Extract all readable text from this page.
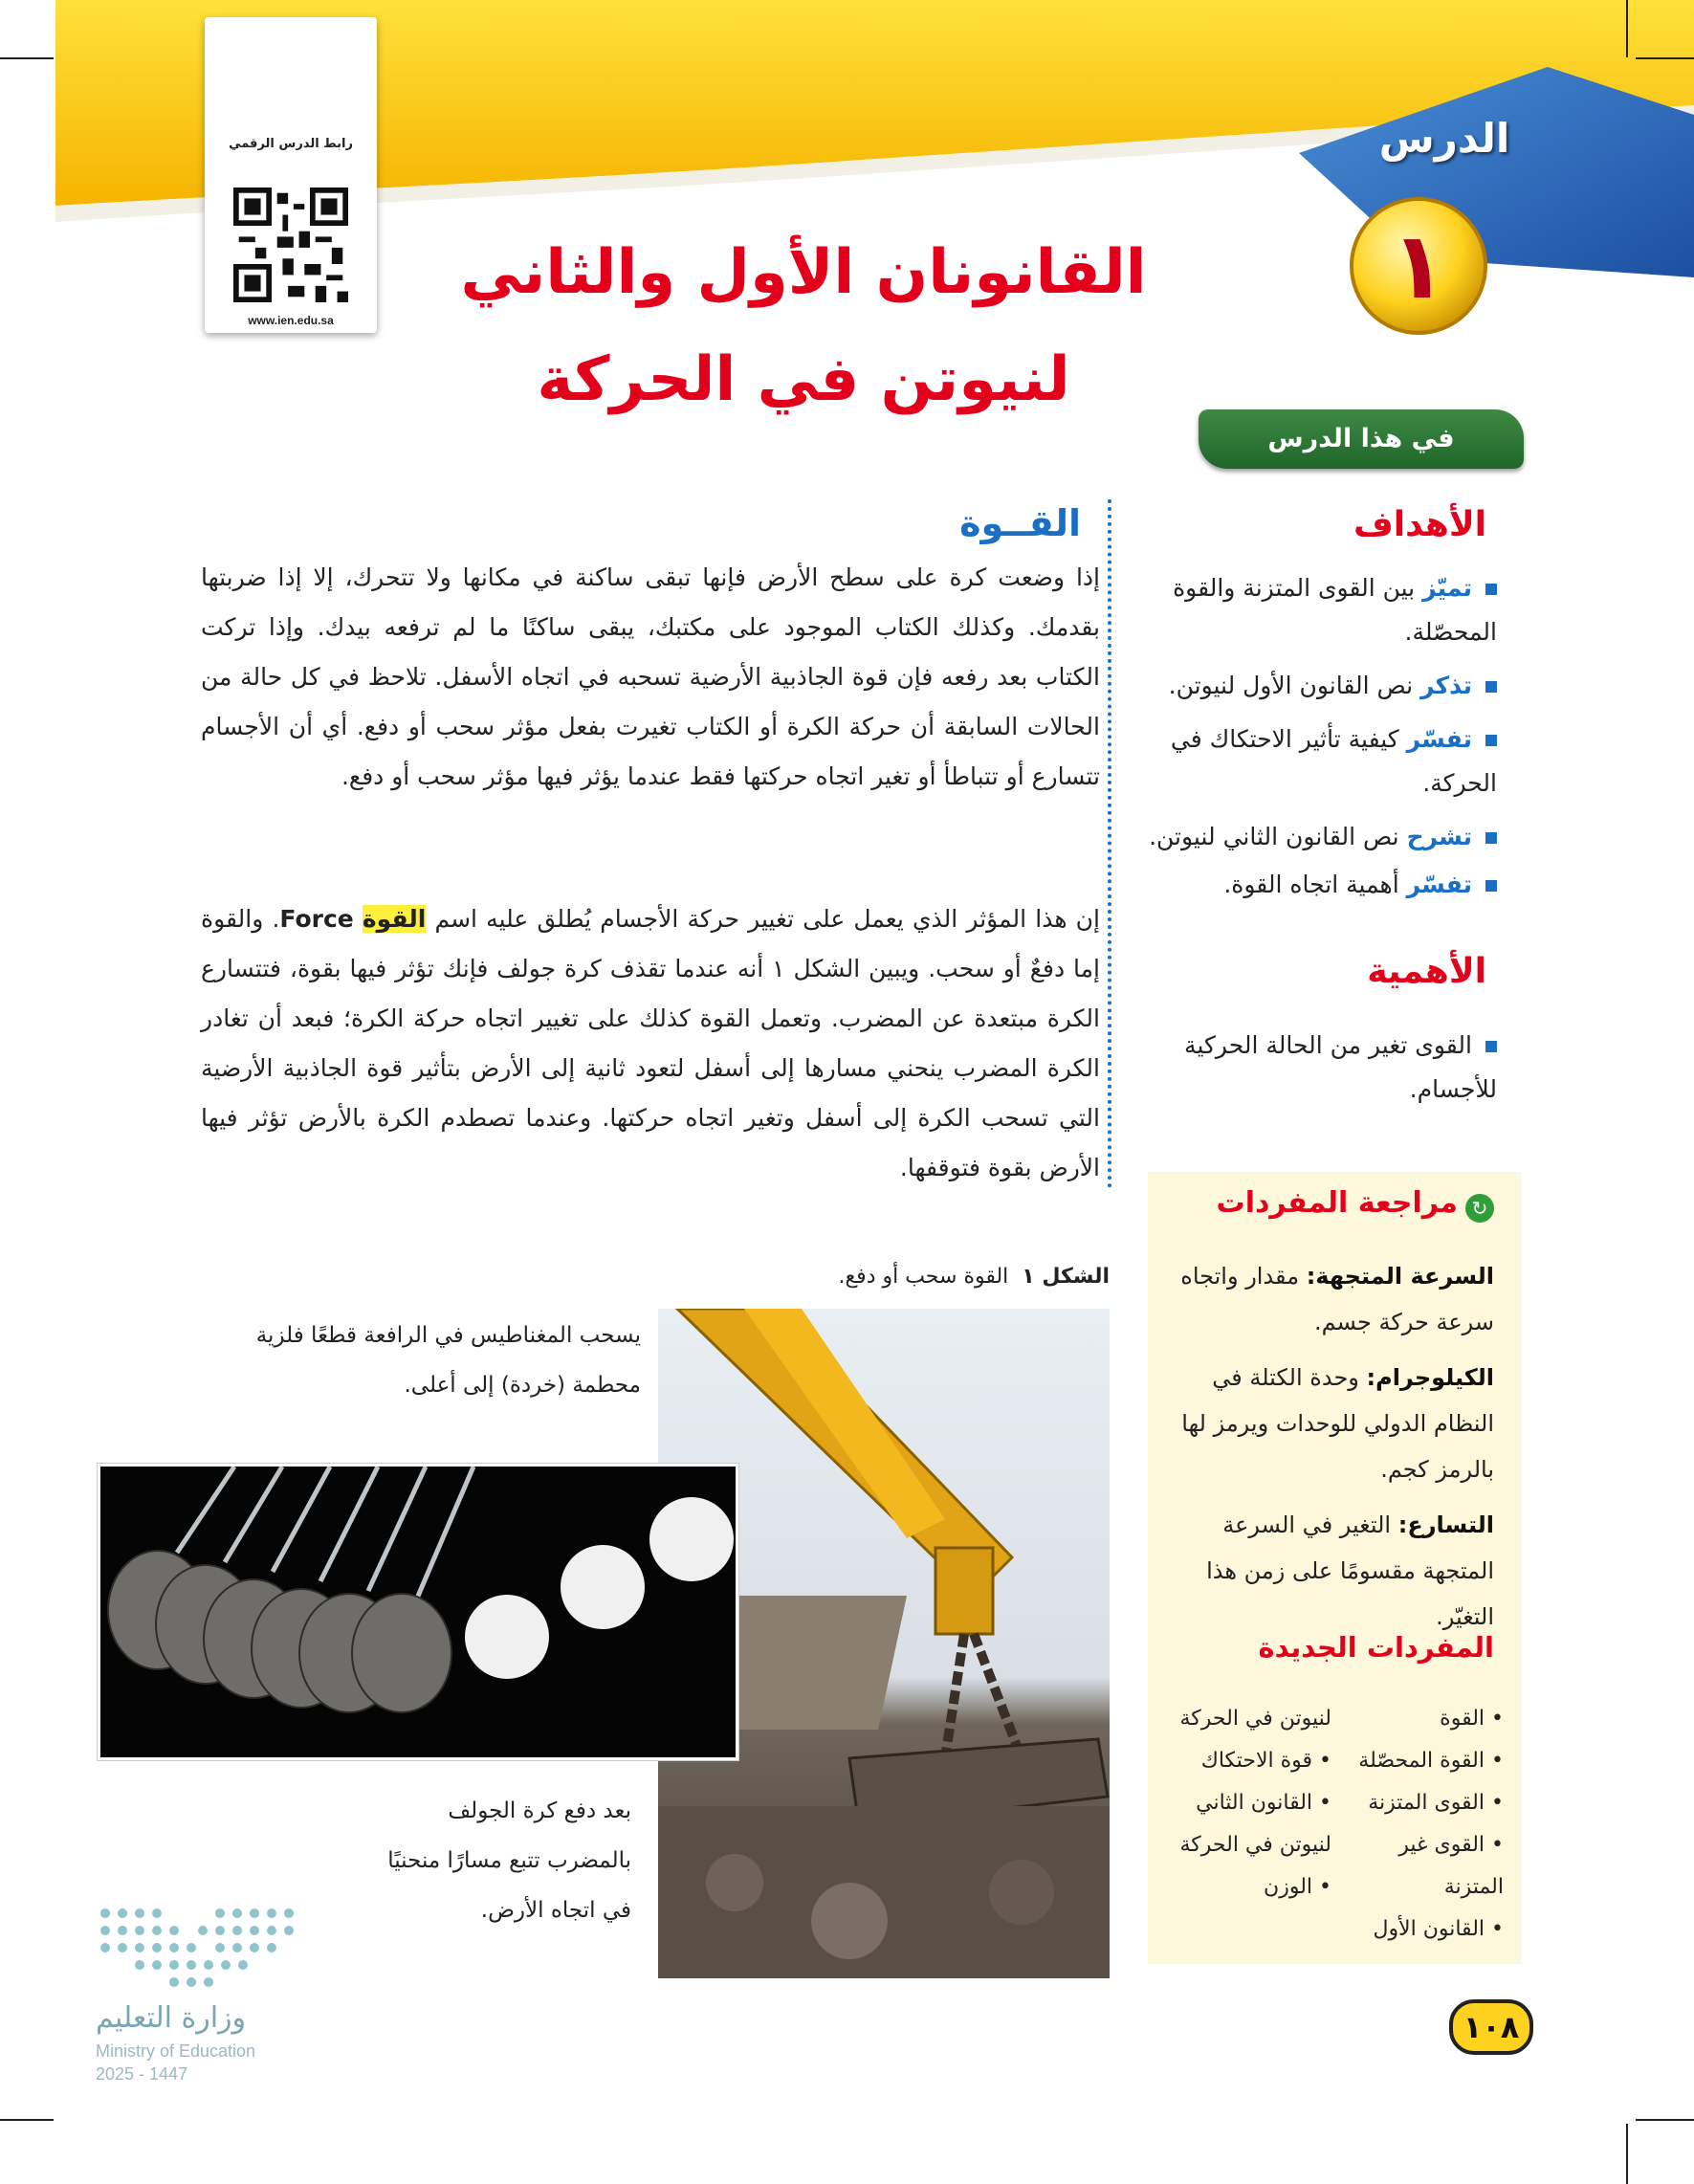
رابط الدرس الرقمي
www.ien.edu.sa
الدرس
١
القانونان الأول والثاني
لنيوتن في الحركة
في هذا الدرس
الأهداف
تميّز بين القوى المتزنة والقوة المحصّلة.
تذكر نص القانون الأول لنيوتن.
تفسّر كيفية تأثير الاحتكاك في الحركة.
تشرح نص القانون الثاني لنيوتن.
تفسّر أهمية اتجاه القوة.
الأهمية
القوى تغير من الحالة الحركية للأجسام.
القــوة
إذا وضعت كرة على سطح الأرض فإنها تبقى ساكنة في مكانها ولا تتحرك، إلا إذا ضربتها بقدمك. وكذلك الكتاب الموجود على مكتبك، يبقى ساكنًا ما لم ترفعه بيدك. وإذا تركت الكتاب بعد رفعه فإن قوة الجاذبية الأرضية تسحبه في اتجاه الأسفل. تلاحظ في كل حالة من الحالات السابقة أن حركة الكرة أو الكتاب تغيرت بفعل مؤثر سحب أو دفع. أي أن الأجسام تتسارع أو تتباطأ أو تغير اتجاه حركتها فقط عندما يؤثر فيها مؤثر سحب أو دفع.
إن هذا المؤثر الذي يعمل على تغيير حركة الأجسام يُطلق عليه اسم القوة Force. والقوة إما دفعٌ أو سحب. ويبين الشكل ١ أنه عندما تقذف كرة جولف فإنك تؤثر فيها بقوة، فتتسارع الكرة مبتعدة عن المضرب. وتعمل القوة كذلك على تغيير اتجاه حركة الكرة؛ فبعد أن تغادر الكرة المضرب ينحني مسارها إلى أسفل لتعود ثانية إلى الأرض بتأثير قوة الجاذبية الأرضية التي تسحب الكرة إلى أسفل وتغير اتجاه حركتها. وعندما تصطدم الكرة بالأرض تؤثر فيها الأرض بقوة فتوقفها.
↻مراجعة المفردات
السرعة المتجهة: مقدار واتجاه سرعة حركة جسم.
الكيلوجرام: وحدة الكتلة في النظام الدولي للوحدات ويرمز لها بالرمز كجم.
التسارع: التغير في السرعة المتجهة مقسومًا على زمن هذا التغيّر.
المفردات الجديدة
• القوة
• القوة المحصّلة
• القوى المتزنة
• القوى غير المتزنة
• القانون الأول
لنيوتن في الحركة
• قوة الاحتكاك
• القانون الثاني
لنيوتن في الحركة
• الوزن
الشكل ١  القوة سحب أو دفع.
يسحب المغناطيس في الرافعة قطعًا فلزية محطمة (خردة) إلى أعلى.
بعد دفع كرة الجولف بالمضرب تتبع مسارًا منحنيًا في اتجاه الأرض.
وزارة التعليم
Ministry of Education
2025 - 1447
١٠٨
